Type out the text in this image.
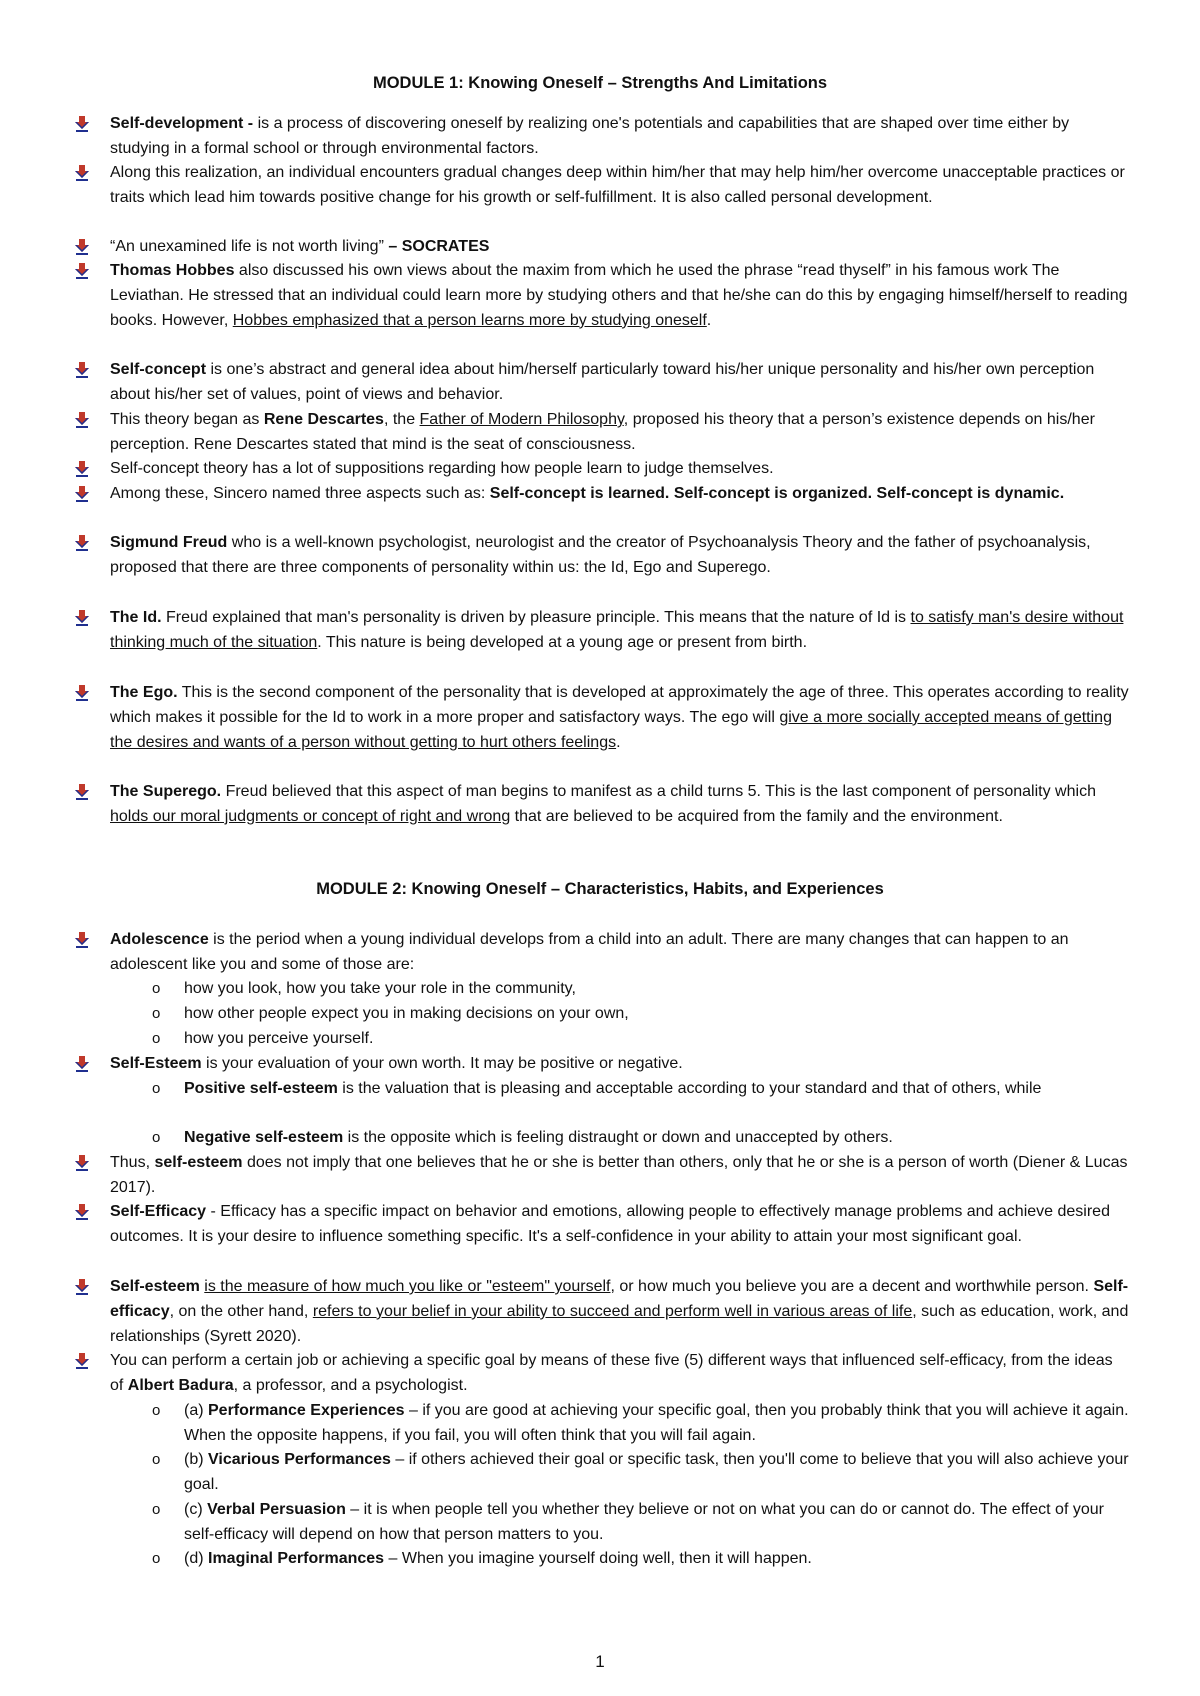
MODULE 1: Knowing Oneself – Strengths And Limitations
Self-development - is a process of discovering oneself by realizing one's potentials and capabilities that are shaped over time either by studying in a formal school or through environmental factors.
Along this realization, an individual encounters gradual changes deep within him/her that may help him/her overcome unacceptable practices or traits which lead him towards positive change for his growth or self-fulfillment. It is also called personal development.
“An unexamined life is not worth living” – SOCRATES
Thomas Hobbes also discussed his own views about the maxim from which he used the phrase “read thyself” in his famous work The Leviathan. He stressed that an individual could learn more by studying others and that he/she can do this by engaging himself/herself to reading books. However, Hobbes emphasized that a person learns more by studying oneself.
Self-concept is one’s abstract and general idea about him/herself particularly toward his/her unique personality and his/her own perception about his/her set of values, point of views and behavior.
This theory began as Rene Descartes, the Father of Modern Philosophy, proposed his theory that a person’s existence depends on his/her perception. Rene Descartes stated that mind is the seat of consciousness.
Self-concept theory has a lot of suppositions regarding how people learn to judge themselves.
Among these, Sincero named three aspects such as: Self-concept is learned. Self-concept is organized. Self-concept is dynamic.
Sigmund Freud who is a well-known psychologist, neurologist and the creator of Psychoanalysis Theory and the father of psychoanalysis, proposed that there are three components of personality within us: the Id, Ego and Superego.
The Id. Freud explained that man's personality is driven by pleasure principle. This means that the nature of Id is to satisfy man's desire without thinking much of the situation. This nature is being developed at a young age or present from birth.
The Ego. This is the second component of the personality that is developed at approximately the age of three. This operates according to reality which makes it possible for the Id to work in a more proper and satisfactory ways. The ego will give a more socially accepted means of getting the desires and wants of a person without getting to hurt others feelings.
The Superego. Freud believed that this aspect of man begins to manifest as a child turns 5. This is the last component of personality which holds our moral judgments or concept of right and wrong that are believed to be acquired from the family and the environment.
MODULE 2: Knowing Oneself – Characteristics, Habits, and Experiences
Adolescence is the period when a young individual develops from a child into an adult. There are many changes that can happen to an adolescent like you and some of those are:
o how you look, how you take your role in the community,
o how other people expect you in making decisions on your own,
o how you perceive yourself.
Self-Esteem is your evaluation of your own worth. It may be positive or negative.
o Positive self-esteem is the valuation that is pleasing and acceptable according to your standard and that of others, while
o Negative self-esteem is the opposite which is feeling distraught or down and unaccepted by others.
Thus, self-esteem does not imply that one believes that he or she is better than others, only that he or she is a person of worth (Diener & Lucas 2017).
Self-Efficacy - Efficacy has a specific impact on behavior and emotions, allowing people to effectively manage problems and achieve desired outcomes. It is your desire to influence something specific. It's a self-confidence in your ability to attain your most significant goal.
Self-esteem is the measure of how much you like or "esteem" yourself, or how much you believe you are a decent and worthwhile person. Self-efficacy, on the other hand, refers to your belief in your ability to succeed and perform well in various areas of life, such as education, work, and relationships (Syrett 2020).
You can perform a certain job or achieving a specific goal by means of these five (5) different ways that influenced self-efficacy, from the ideas of Albert Badura, a professor, and a psychologist.
o (a) Performance Experiences – if you are good at achieving your specific goal, then you probably think that you will achieve it again. When the opposite happens, if you fail, you will often think that you will fail again.
o (b) Vicarious Performances – if others achieved their goal or specific task, then you'll come to believe that you will also achieve your goal.
o (c) Verbal Persuasion – it is when people tell you whether they believe or not on what you can do or cannot do. The effect of your self-efficacy will depend on how that person matters to you.
o (d) Imaginal Performances – When you imagine yourself doing well, then it will happen.
1
